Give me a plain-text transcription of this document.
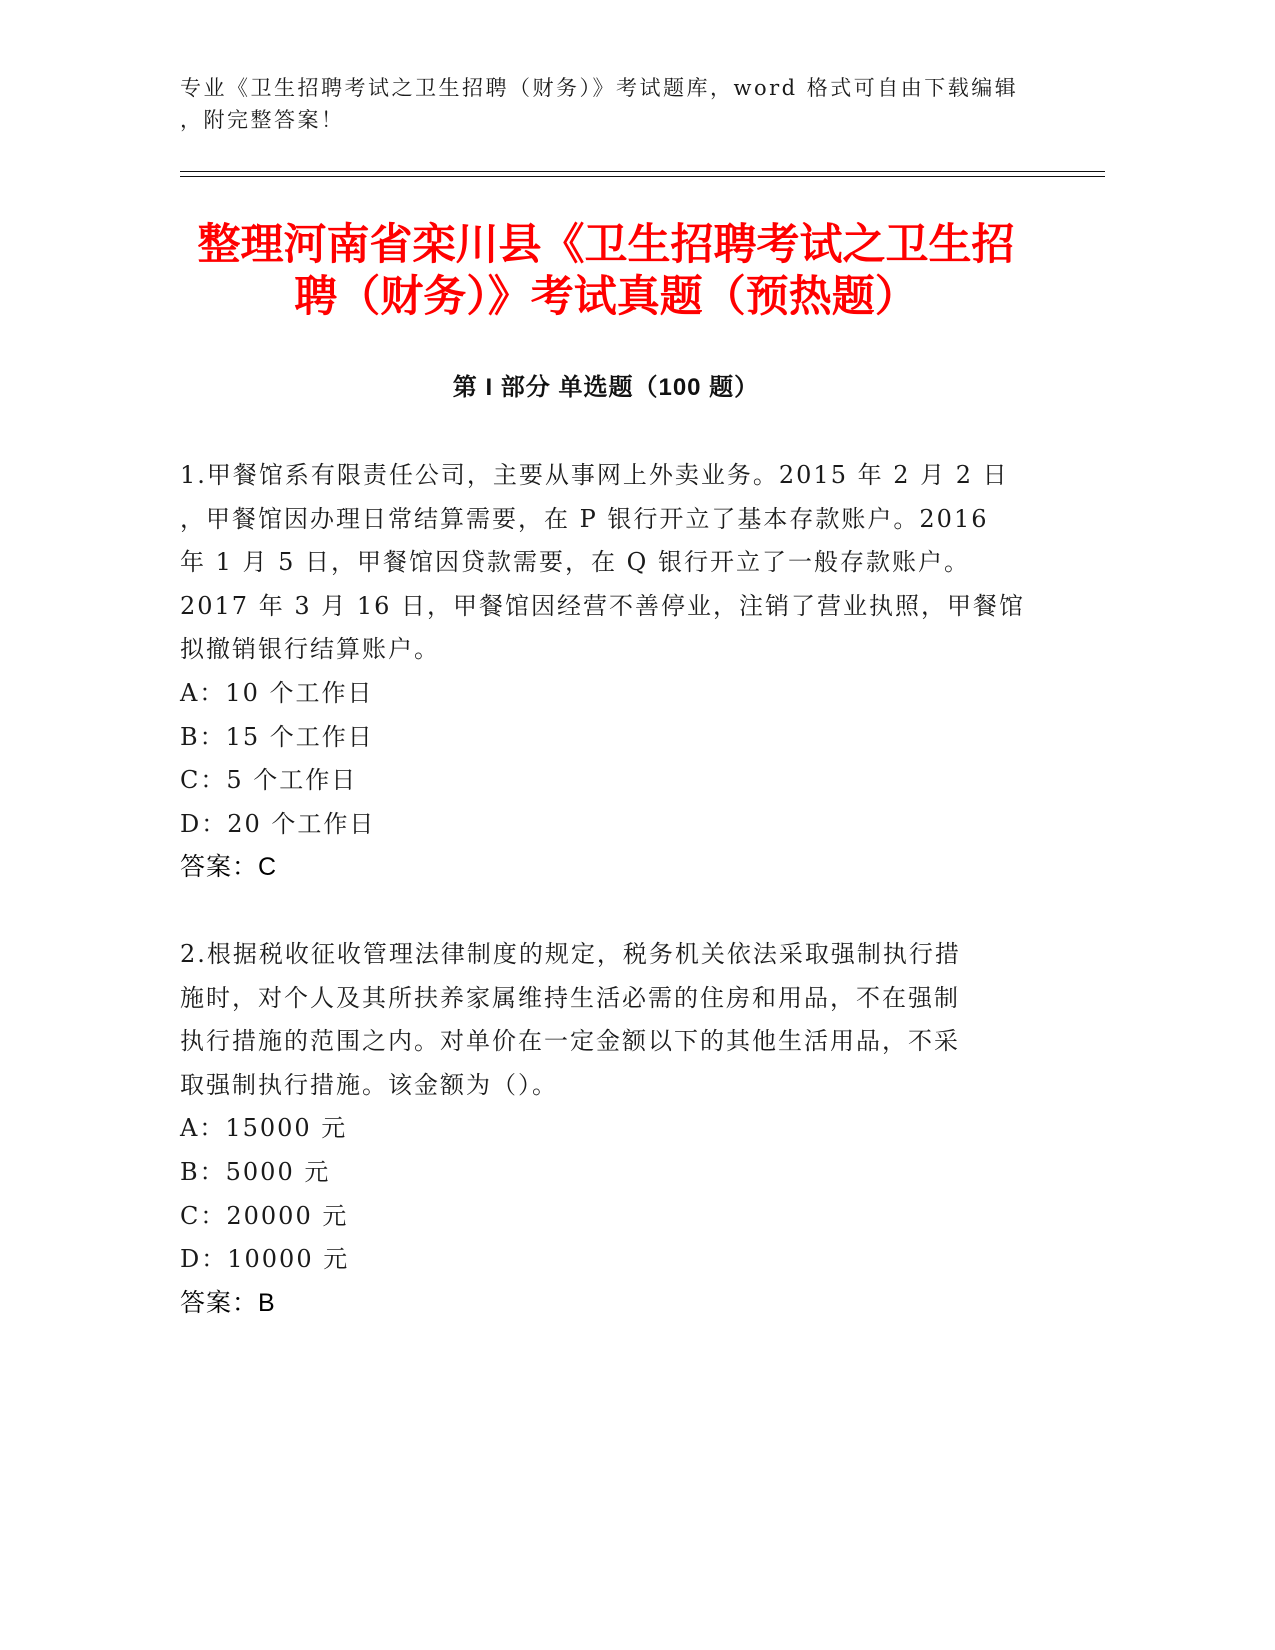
专业《卫生招聘考试之卫生招聘（财务）》考试题库，word 格式可自由下载编辑
，附完整答案！
整理河南省栾川县《卫生招聘考试之卫生招
聘（财务）》考试真题（预热题）
第 I 部分 单选题（100 题）
1.甲餐馆系有限责任公司，主要从事网上外卖业务。2015 年 2 月 2 日
，甲餐馆因办理日常结算需要，在 P 银行开立了基本存款账户。2016
年 1 月 5 日，甲餐馆因贷款需要，在 Q 银行开立了一般存款账户。
2017 年 3 月 16 日，甲餐馆因经营不善停业，注销了营业执照，甲餐馆
拟撤销银行结算账户。
A：10 个工作日
B：15 个工作日
C：5 个工作日
D：20 个工作日
答案：C
2.根据税收征收管理法律制度的规定，税务机关依法采取强制执行措
施时，对个人及其所扶养家属维持生活必需的住房和用品，不在强制
执行措施的范围之内。对单价在一定金额以下的其他生活用品，不采
取强制执行措施。该金额为（）。
A：15000 元
B：5000 元
C：20000 元
D：10000 元
答案：B
